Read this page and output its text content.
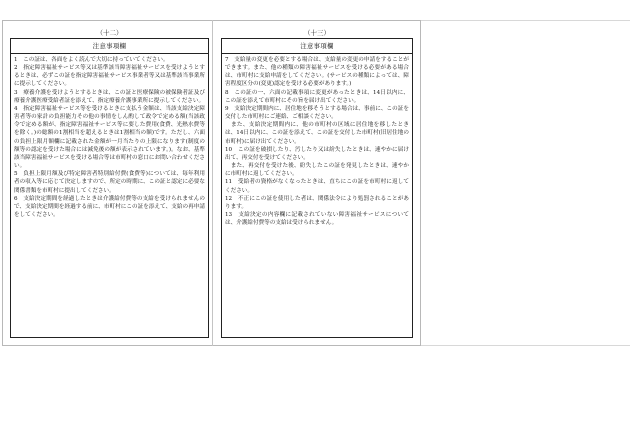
（十二）
注意事項欄

1　この証は、各面をよく読んで大切に持っていてください。

2　指定障害福祉サービス等又は基準該当障害福祉サービスを受けようとするときは、必ずこの証を指定障害福祉サービス事業者等又は基準該当事業所に提示してください。

3　療養介護を受けようとするときは、この証と医療保険の被保険者証及び療養介護医療受給者証を添えて、指定療養介護事業所に提示してください。

4　指定障害福祉サービス等を受けるときに支払う金額は、当該支給決定障害者等の家計の負担能力その他の事情をしん酌して政令で定める額(当該政令で定める額が、指定障害福祉サービス等に要した費用(食費、光熱水費等を除く。)の総額の1割相当を超えるときは1割相当の額)です。ただし、六面の負担上限月額欄に記載された金額が一月当たりの上限になります(制度の額等の認定を受けた場合には減免後の額が表示されています。)。なお、基準該当障害福祉サービスを受ける場合等は市町村の窓口にお問い合わせください。

5　負担上限月額及び特定障害者特別給付費(食費等)については、毎年利用者の収入等に応じて決定しますので、所定の時期に、この証と認定に必要な関係書類を市町村に提出してください。

6　支給決定期間を経過したときは介護給付費等の支給を受けられませんので、支給決定期間を経過する前に、市町村にこの証を添えて、支給の再申請をしてください。

（十三）
注意事項欄

7　支給量の変更を必要とする場合は、支給量の変更の申請をすることができます。また、他の種類の障害福祉サービスを受ける必要がある場合は、市町村に支給申請をしてください。(サービスの種類によっては、障害程度区分の(変更)認定を受ける必要があります。)

8　この証の一、六面の記載事項に変更があったときは、14日以内に、この証を添えて市町村にその旨を届け出てください。

9　支給決定期間内に、居住地を移そうとする場合は、事前に、この証を交付した市町村にご連絡、ご相談ください。

　また、支給決定期間内に、他の市町村の区域に居住地を移したときは、14日以内に、この証を添えて、この証を交付した市町村(旧居住地の市町村)に届け出てください。

10　この証を破損したり、汚したり又は紛失したときは、速やかに届け出て、再交付を受けてください。

　また、再交付を受けた後、紛失したこの証を発見したときは、速やかに市町村に返してください。

11　受給者の資格がなくなったときは、直ちにこの証を市町村に返してください。

12　不正にこの証を使用した者は、関係法令により処罰されることがあります。

13　支給決定の内容欄に記載されていない障害福祉サービスについては、介護給付費等の支給は受けられません。
